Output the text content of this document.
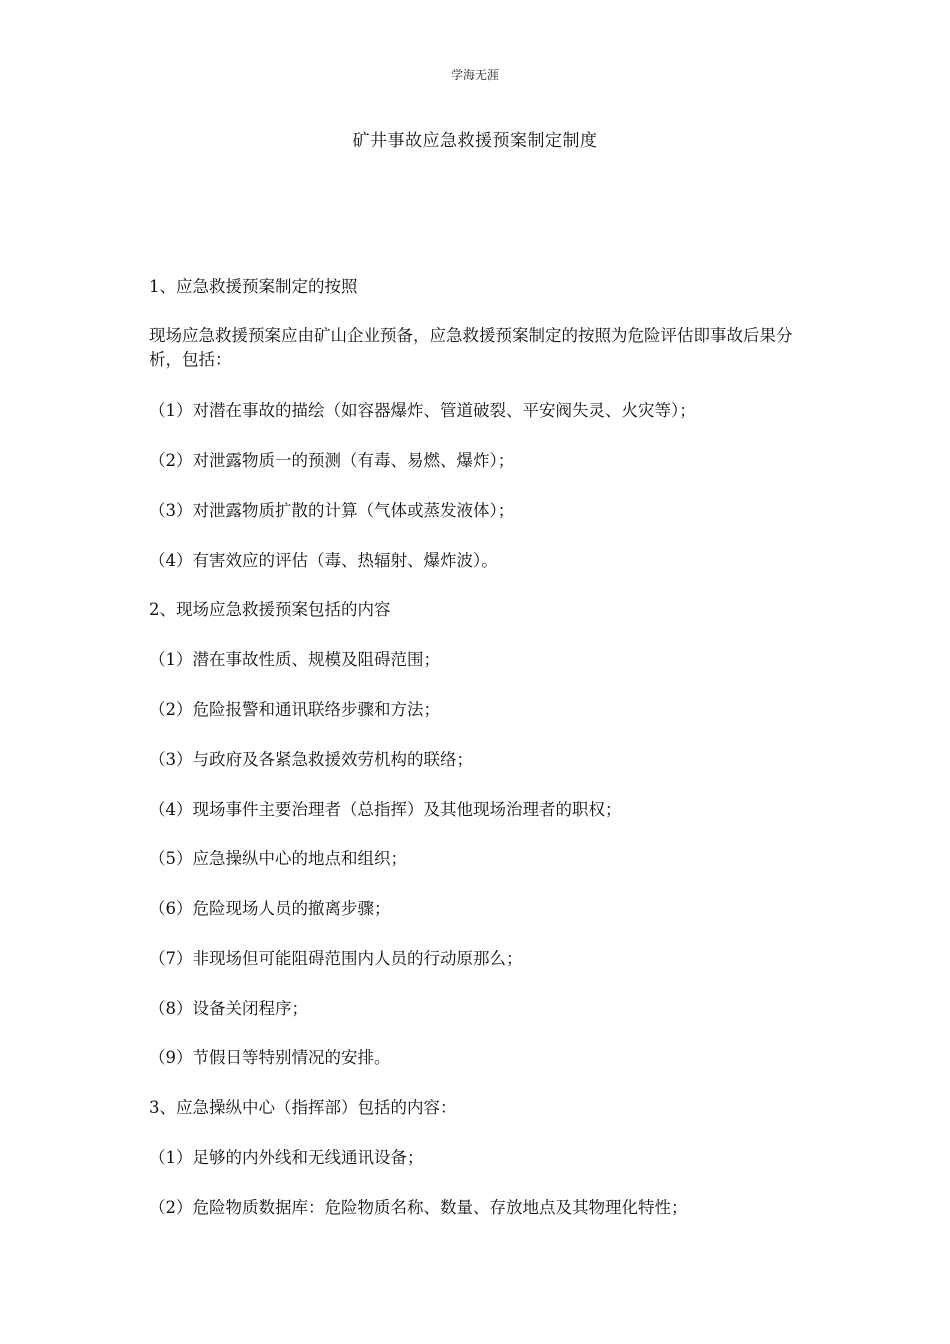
学海无涯
矿井事故应急救援预案制定制度
1、应急救援预案制定的按照
现场应急救援预案应由矿山企业预备，应急救援预案制定的按照为危险评估即事故后果分析，包括：
（1）对潜在事故的描绘（如容器爆炸、管道破裂、平安阀失灵、火灾等）；
（2）对泄露物质一的预测（有毒、易燃、爆炸）；
（3）对泄露物质扩散的计算（气体或蒸发液体）；
（4）有害效应的评估（毒、热辐射、爆炸波）。
2、现场应急救援预案包括的内容
（1）潜在事故性质、规模及阻碍范围；
（2）危险报警和通讯联络步骤和方法；
（3）与政府及各紧急救援效劳机构的联络；
（4）现场事件主要治理者（总指挥）及其他现场治理者的职权；
（5）应急操纵中心的地点和组织；
（6）危险现场人员的撤离步骤；
（7）非现场但可能阻碍范围内人员的行动原那么；
（8）设备关闭程序；
（9）节假日等特别情况的安排。
3、应急操纵中心（指挥部）包括的内容：
（1）足够的内外线和无线通讯设备；
（2）危险物质数据库：危险物质名称、数量、存放地点及其物理化特性；
